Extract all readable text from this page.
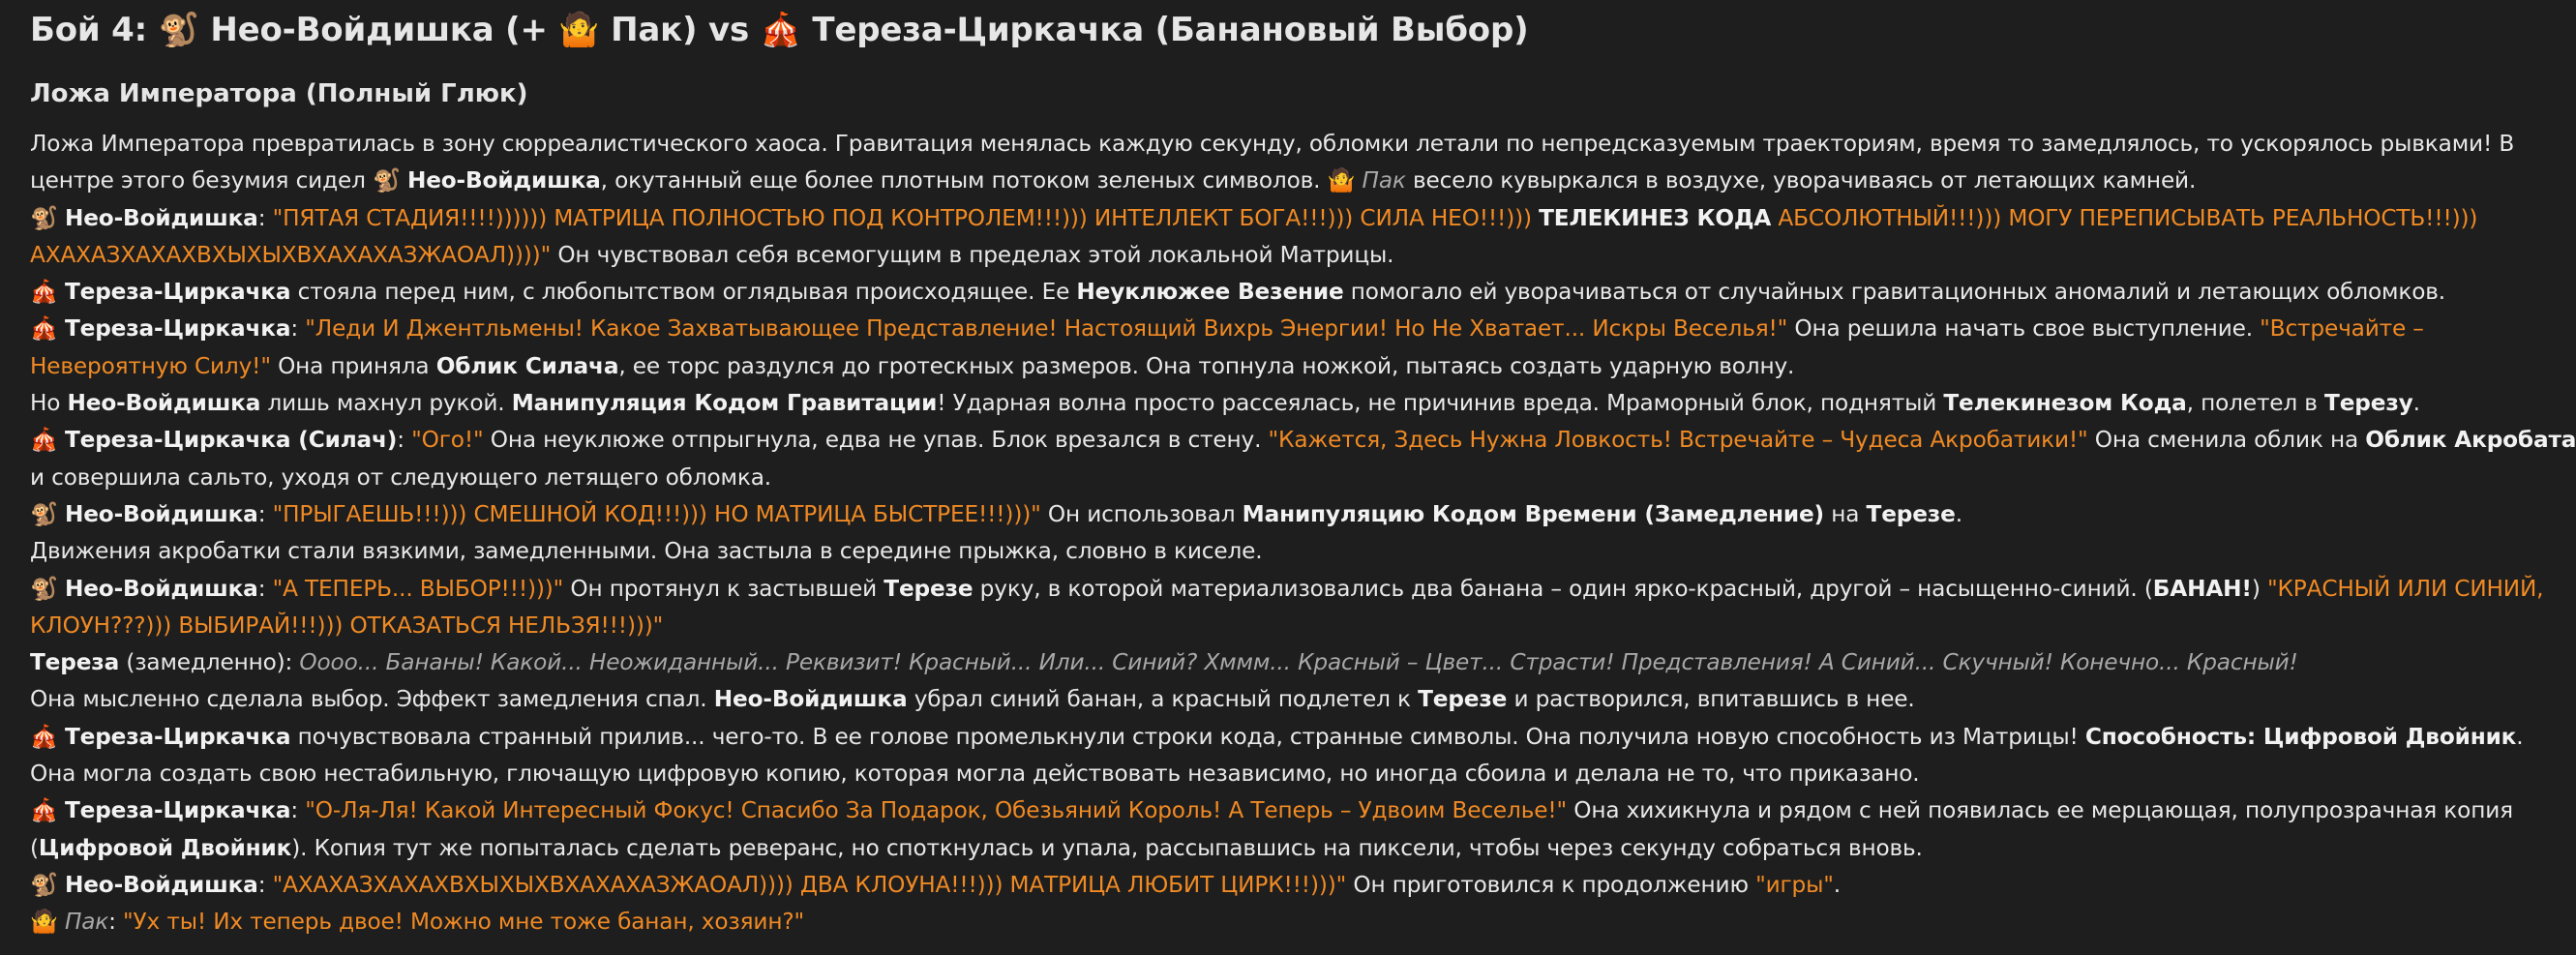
Бой 4: 🐒 Нео-Войдишка (+ 🤷 Пак) vs 🎪 Тереза-Циркачка (Банановый Выбор)
Ложа Императора (Полный Глюк)
Ложа Императора превратилась в зону сюрреалистического хаоса. Гравитация менялась каждую секунду, обломки летали по непредсказуемым траекториям, время то замедлялось, то ускорялось рывками! В
центре этого безумия сидел 🐒 Нео-Войдишка, окутанный еще более плотным потоком зеленых символов. 🤷 Пак весело кувыркался в воздухе, уворачиваясь от летающих камней.
🐒 Нео-Войдишка: "ПЯТАЯ СТАДИЯ!!!!)))))) МАТРИЦА ПОЛНОСТЬЮ ПОД КОНТРОЛЕМ!!!))) ИНТЕЛЛЕКТ БОГА!!!))) СИЛА НЕО!!!))) ТЕЛЕКИНЕЗ КОДА АБСОЛЮТНЫЙ!!!))) МОГУ ПЕРЕПИСЫВАТЬ РЕАЛЬНОСТЬ!!!)))
АХАХАЗХАХАХВХЫХЫХВХАХАХАЗЖАОАЛ))))" Он чувствовал себя всемогущим в пределах этой локальной Матрицы.
🎪 Тереза-Циркачка стояла перед ним, с любопытством оглядывая происходящее. Ее Неуклюжее Везение помогало ей уворачиваться от случайных гравитационных аномалий и летающих обломков.
🎪 Тереза-Циркачка: "Леди И Джентльмены! Какое Захватывающее Представление! Настоящий Вихрь Энергии! Но Не Хватает... Искры Веселья!" Она решила начать свое выступление. "Встречайте –
Невероятную Силу!" Она приняла Облик Силача, ее торс раздулся до гротескных размеров. Она топнула ножкой, пытаясь создать ударную волну.
Но Нео-Войдишка лишь махнул рукой. Манипуляция Кодом Гравитации! Ударная волна просто рассеялась, не причинив вреда. Мраморный блок, поднятый Телекинезом Кода, полетел в Терезу.
🎪 Тереза-Циркачка (Силач): "Ого!" Она неуклюже отпрыгнула, едва не упав. Блок врезался в стену. "Кажется, Здесь Нужна Ловкость! Встречайте – Чудеса Акробатики!" Она сменила облик на Облик Акробата
и совершила сальто, уходя от следующего летящего обломка.
🐒 Нео-Войдишка: "ПРЫГАЕШЬ!!!))) СМЕШНОЙ КОД!!!))) НО МАТРИЦА БЫСТРЕЕ!!!)))" Он использовал Манипуляцию Кодом Времени (Замедление) на Терезе.
Движения акробатки стали вязкими, замедленными. Она застыла в середине прыжка, словно в киселе.
🐒 Нео-Войдишка: "А ТЕПЕРЬ... ВЫБОР!!!)))" Он протянул к застывшей Терезе руку, в которой материализовались два банана – один ярко-красный, другой – насыщенно-синий. (БАНАН!) "КРАСНЫЙ ИЛИ СИНИЙ,
КЛОУН???))) ВЫБИРАЙ!!!))) ОТКАЗАТЬСЯ НЕЛЬЗЯ!!!)))"
Тереза (замедленно): Оооо... Бананы! Какой... Неожиданный... Реквизит! Красный... Или... Синий? Хммм... Красный – Цвет... Страсти! Представления! А Синий... Скучный! Конечно... Красный!
Она мысленно сделала выбор. Эффект замедления спал. Нео-Войдишка убрал синий банан, а красный подлетел к Терезе и растворился, впитавшись в нее.
🎪 Тереза-Циркачка почувствовала странный прилив... чего-то. В ее голове промелькнули строки кода, странные символы. Она получила новую способность из Матрицы! Способность: Цифровой Двойник.
Она могла создать свою нестабильную, глючащую цифровую копию, которая могла действовать независимо, но иногда сбоила и делала не то, что приказано.
🎪 Тереза-Циркачка: "О-Ля-Ля! Какой Интересный Фокус! Спасибо За Подарок, Обезьяний Король! А Теперь – Удвоим Веселье!" Она хихикнула и рядом с ней появилась ее мерцающая, полупрозрачная копия
(Цифровой Двойник). Копия тут же попыталась сделать реверанс, но споткнулась и упала, рассыпавшись на пиксели, чтобы через секунду собраться вновь.
🐒 Нео-Войдишка: "АХАХАЗХАХАХВХЫХЫХВХАХАХАЗЖАОАЛ)))) ДВА КЛОУНА!!!))) МАТРИЦА ЛЮБИТ ЦИРК!!!)))" Он приготовился к продолжению "игры".
🤷 Пак: "Ух ты! Их теперь двое! Можно мне тоже банан, хозяин?"
